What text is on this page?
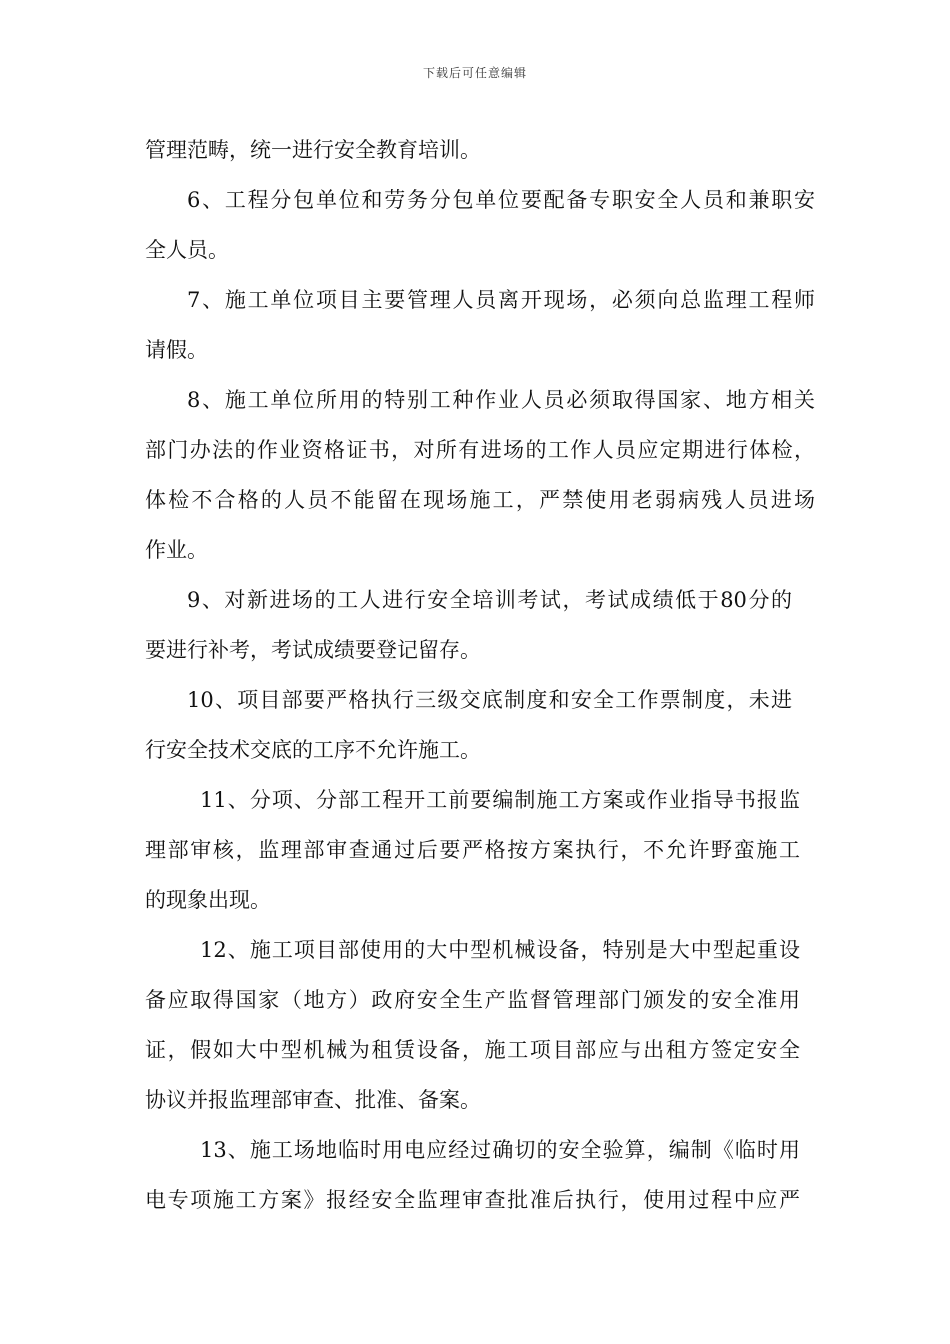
下载后可任意编辑
管理范畴，统一进行安全教育培训。
6、工程分包单位和劳务分包单位要配备专职安全人员和兼职安
全人员。
7、施工单位项目主要管理人员离开现场，必须向总监理工程师
请假。
8、施工单位所用的特别工种作业人员必须取得国家、地方相关
部门办法的作业资格证书，对所有进场的工作人员应定期进行体检，
体检不合格的人员不能留在现场施工，严禁使用老弱病残人员进场
作业。
9、对新进场的工人进行安全培训考试，考试成绩低于80分的
要进行补考，考试成绩要登记留存。
10、项目部要严格执行三级交底制度和安全工作票制度，未进
行安全技术交底的工序不允许施工。
11、分项、分部工程开工前要编制施工方案或作业指导书报监
理部审核，监理部审查通过后要严格按方案执行，不允许野蛮施工
的现象出现。
12、施工项目部使用的大中型机械设备，特别是大中型起重设
备应取得国家（地方）政府安全生产监督管理部门颁发的安全准用
证，假如大中型机械为租赁设备，施工项目部应与出租方签定安全
协议并报监理部审查、批准、备案。
13、施工场地临时用电应经过确切的安全验算，编制《临时用
电专项施工方案》报经安全监理审查批准后执行，使用过程中应严
